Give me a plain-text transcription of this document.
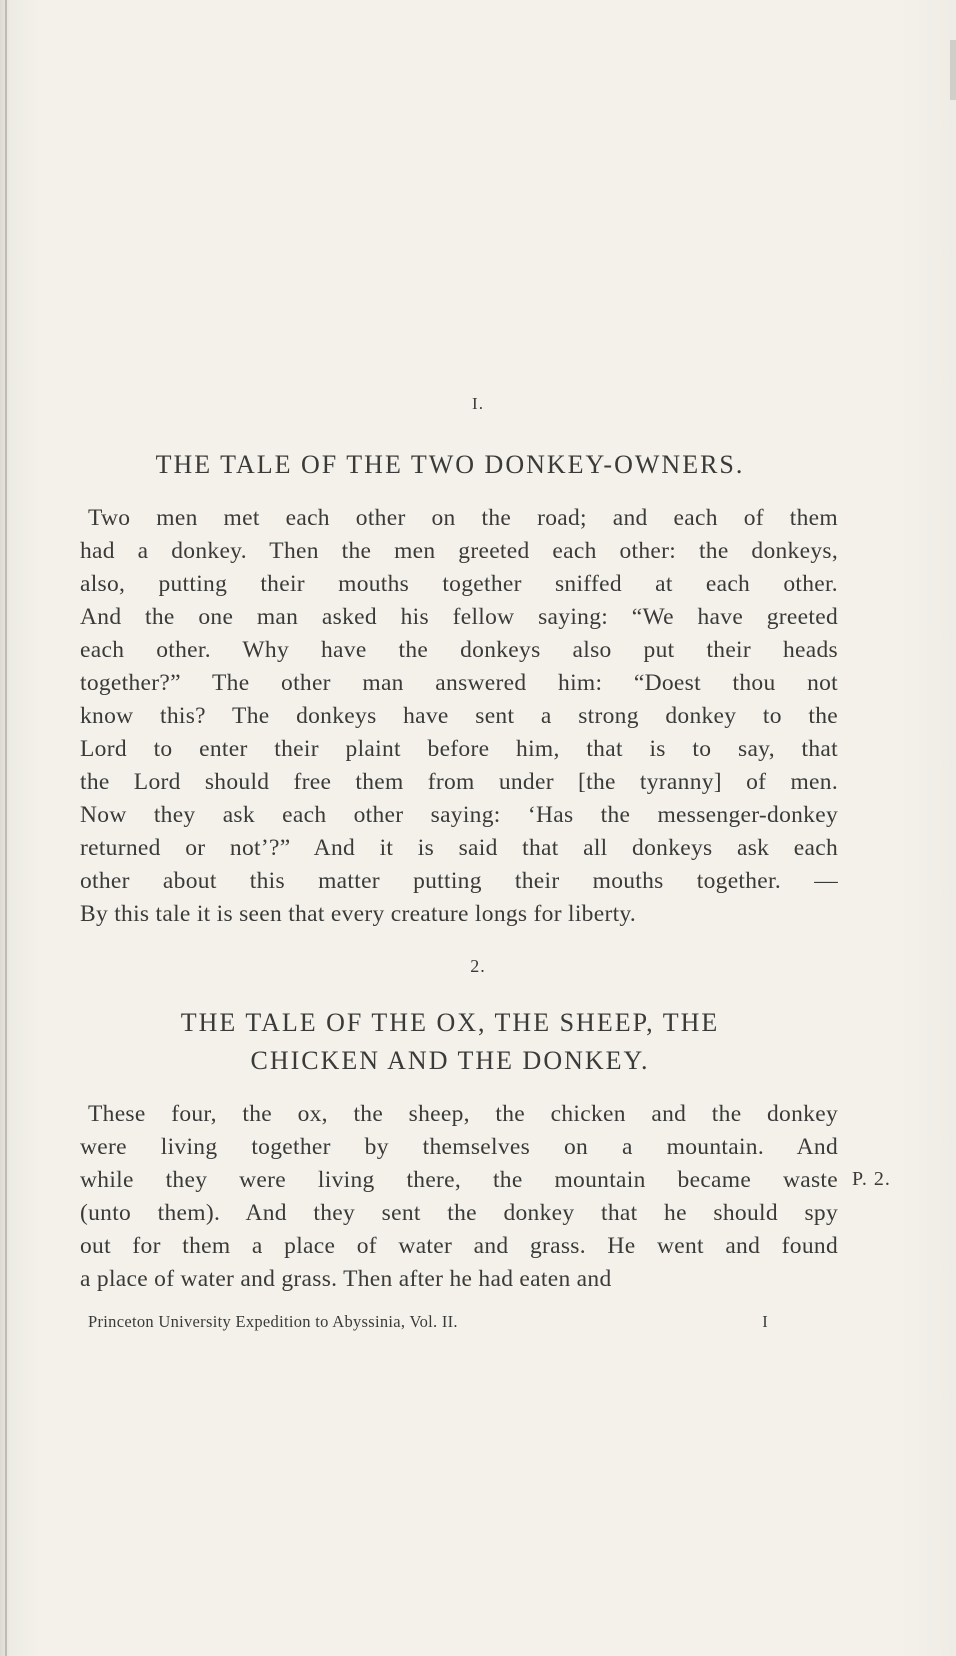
I.
THE TALE OF THE TWO DONKEY-OWNERS.
Two men met each other on the road; and each of them
had a donkey. Then the men greeted each other: the donkeys,
also, putting their mouths together sniffed at each other.
And the one man asked his fellow saying: “We have greeted
each other. Why have the donkeys also put their heads
together?” The other man answered him: “Doest thou not
know this? The donkeys have sent a strong donkey to the
Lord to enter their plaint before him, that is to say, that
the Lord should free them from under [the tyranny] of men.
Now they ask each other saying: ‘Has the messenger-donkey
returned or not’?” And it is said that all donkeys ask each
other about this matter putting their mouths together. —
By this tale it is seen that every creature longs for liberty.
2.
THE TALE OF THE OX, THE SHEEP, THE
CHICKEN AND THE DONKEY.
These four, the ox, the sheep, the chicken and the donkey
were living together by themselves on a mountain. And
while they were living there, the mountain became waste
(unto them). And they sent the donkey that he should spy
out for them a place of water and grass. He went and found
a place of water and grass. Then after he had eaten and
P. 2.
Princeton University Expedition to Abyssinia, Vol. II.	I
